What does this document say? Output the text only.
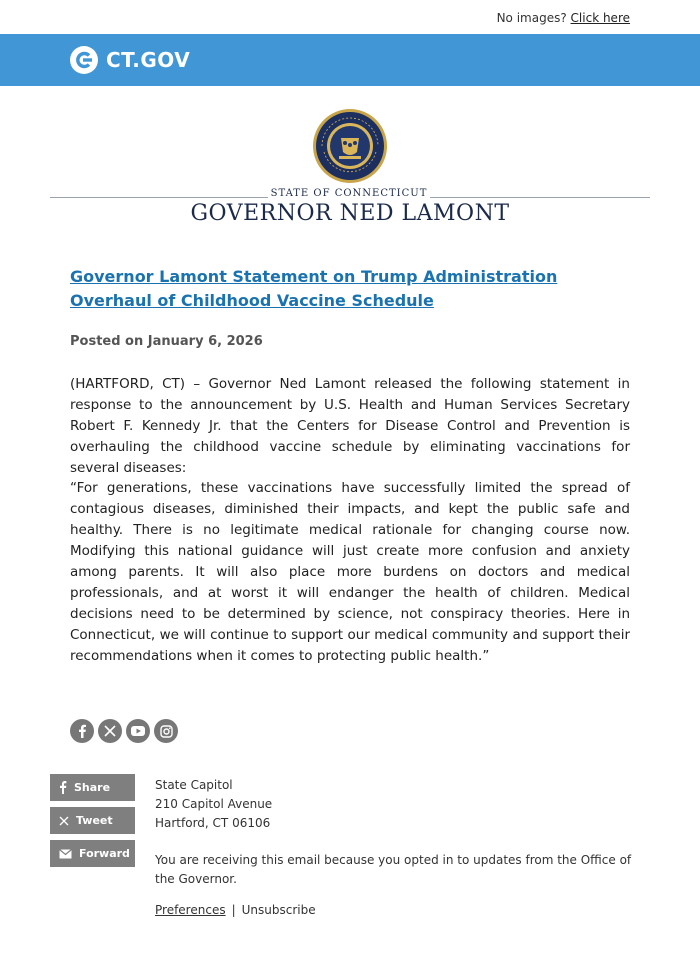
No images? Click here
CT.GOV
STATE OF CONNECTICUT
GOVERNOR NED LAMONT
Governor Lamont Statement on Trump Administration Overhaul of Childhood Vaccine Schedule
Posted on January 6, 2026
(HARTFORD, CT) – Governor Ned Lamont released the following statement in response to the announcement by U.S. Health and Human Services Secretary Robert F. Kennedy Jr. that the Centers for Disease Control and Prevention is overhauling the childhood vaccine schedule by eliminating vaccinations for several diseases:
“For generations, these vaccinations have successfully limited the spread of contagious diseases, diminished their impacts, and kept the public safe and healthy. There is no legitimate medical rationale for changing course now. Modifying this national guidance will just create more confusion and anxiety among parents. It will also place more burdens on doctors and medical professionals, and at worst it will endanger the health of children. Medical decisions need to be determined by science, not conspiracy theories. Here in Connecticut, we will continue to support our medical community and support their recommendations when it comes to protecting public health.”
Share
Tweet
Forward
State Capitol
210 Capitol Avenue
Hartford, CT 06106
You are receiving this email because you opted in to updates from the Office of the Governor.
Preferences | Unsubscribe
